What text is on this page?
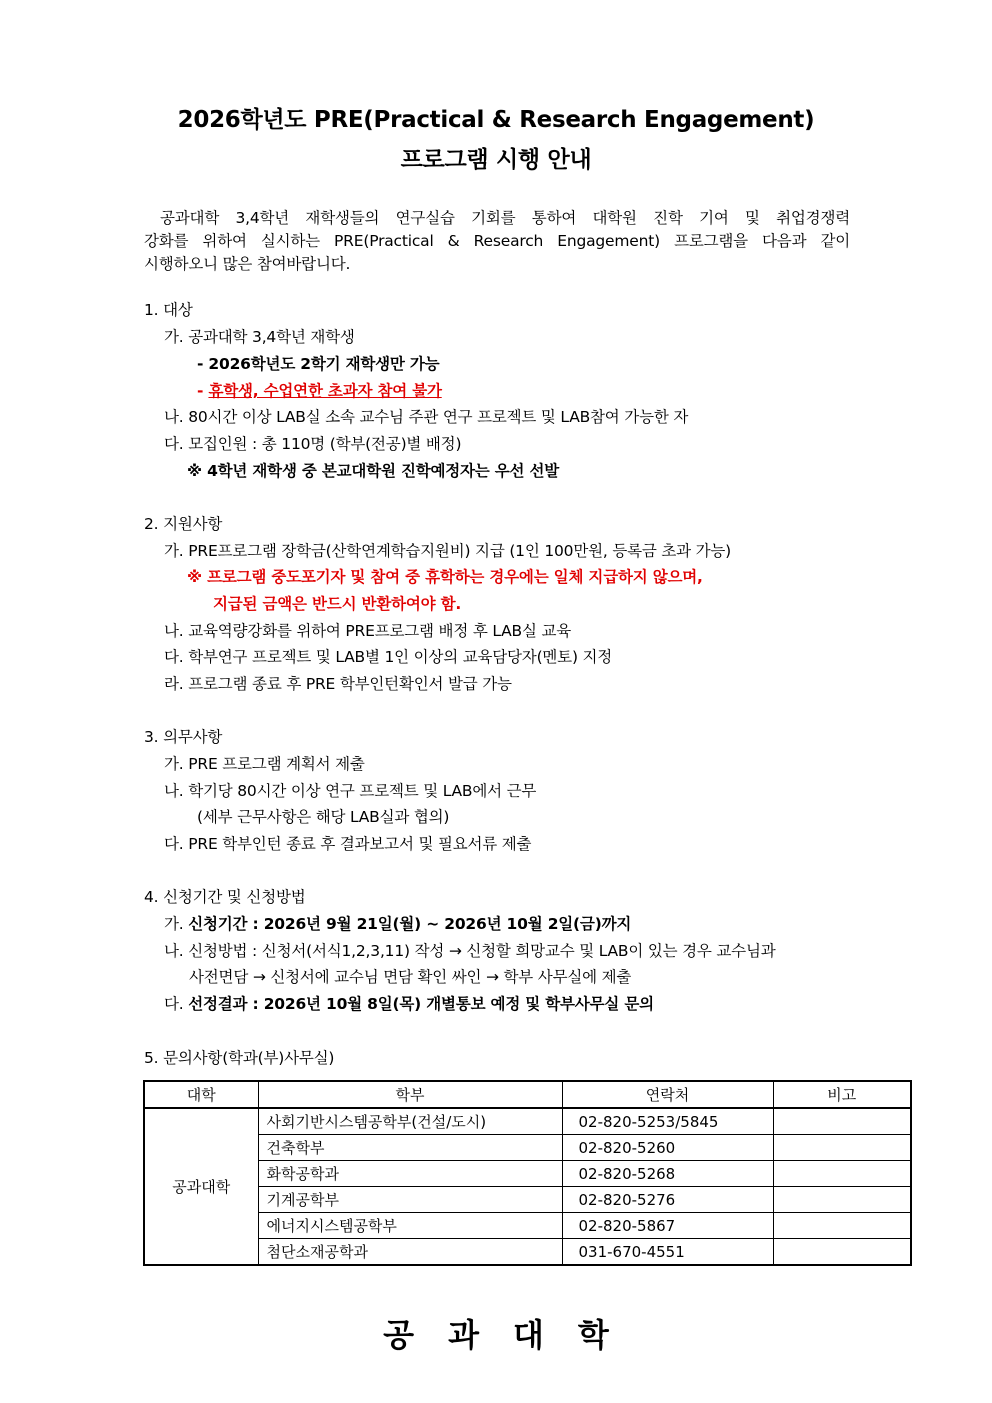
2026학년도 PRE(Practical & Research Engagement)
프로그램 시행 안내
공과대학 3,4학년 재학생들의 연구실습 기회를 통하여 대학원 진학 기여 및 취업경쟁력
강화를 위하여 실시하는 PRE(Practical & Research Engagement) 프로그램을 다음과 같이
시행하오니 많은 참여바랍니다.
1. 대상
가. 공과대학 3,4학년 재학생
- 2026학년도 2학기 재학생만 가능
- 휴학생, 수업연한 초과자 참여 불가
나. 80시간 이상 LAB실 소속 교수님 주관 연구 프로젝트 및 LAB참여 가능한 자
다. 모집인원 : 총 110명 (학부(전공)별 배정)
※ 4학년 재학생 중 본교대학원 진학예정자는 우선 선발
2. 지원사항
가. PRE프로그램 장학금(산학연계학습지원비) 지급 (1인 100만원, 등록금 초과 가능)
※ 프로그램 중도포기자 및 참여 중 휴학하는 경우에는 일체 지급하지 않으며,
지급된 금액은 반드시 반환하여야 함.
나. 교육역량강화를 위하여 PRE프로그램 배정 후 LAB실 교육
다. 학부연구 프로젝트 및 LAB별 1인 이상의 교육담당자(멘토) 지정
라. 프로그램 종료 후 PRE 학부인턴확인서 발급 가능
3. 의무사항
가. PRE 프로그램 계획서 제출
나. 학기당 80시간 이상 연구 프로젝트 및 LAB에서 근무
(세부 근무사항은 해당 LAB실과 협의)
다. PRE 학부인턴 종료 후 결과보고서 및 필요서류 제출
4. 신청기간 및 신청방법
가. 신청기간 : 2026년 9월 21일(월) ~ 2026년 10월 2일(금)까지
나. 신청방법 : 신청서(서식1,2,3,11) 작성 → 신청할 희망교수 및 LAB이 있는 경우 교수님과
사전면담 → 신청서에 교수님 면담 확인 싸인 → 학부 사무실에 제출
다. 선정결과 : 2026년 10월 8일(목) 개별통보 예정 및 학부사무실 문의
5. 문의사항(학과(부)사무실)
대학	학부	연락처	비고
공과대학	사회기반시스템공학부(건설/도시)	02-820-5253/5845	
	건축학부	02-820-5260	
	화학공학과	02-820-5268	
	기계공학부	02-820-5276	
	에너지시스템공학부	02-820-5867	
	첨단소재공학과	031-670-4551	
공과대학
